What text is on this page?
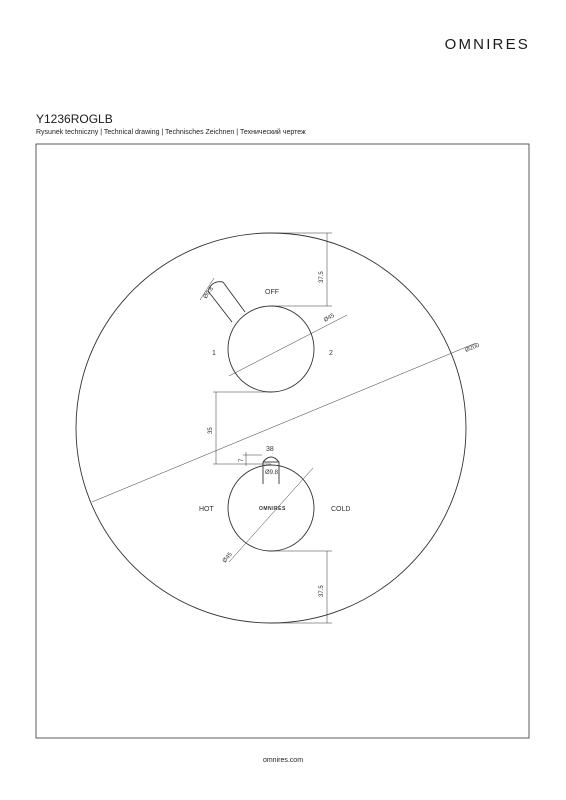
OMNIRES
Y1236ROGLB
Rysunek techniczny | Technical drawing | Technisches Zeichnen | Технический чертеж
Ø9.8
Ø45
37.5
OFF
1	2	Ø200
35
7
38
Ø9.8
Ø45
OMNIRES
HOT	COLD
37.5
omnires.com
